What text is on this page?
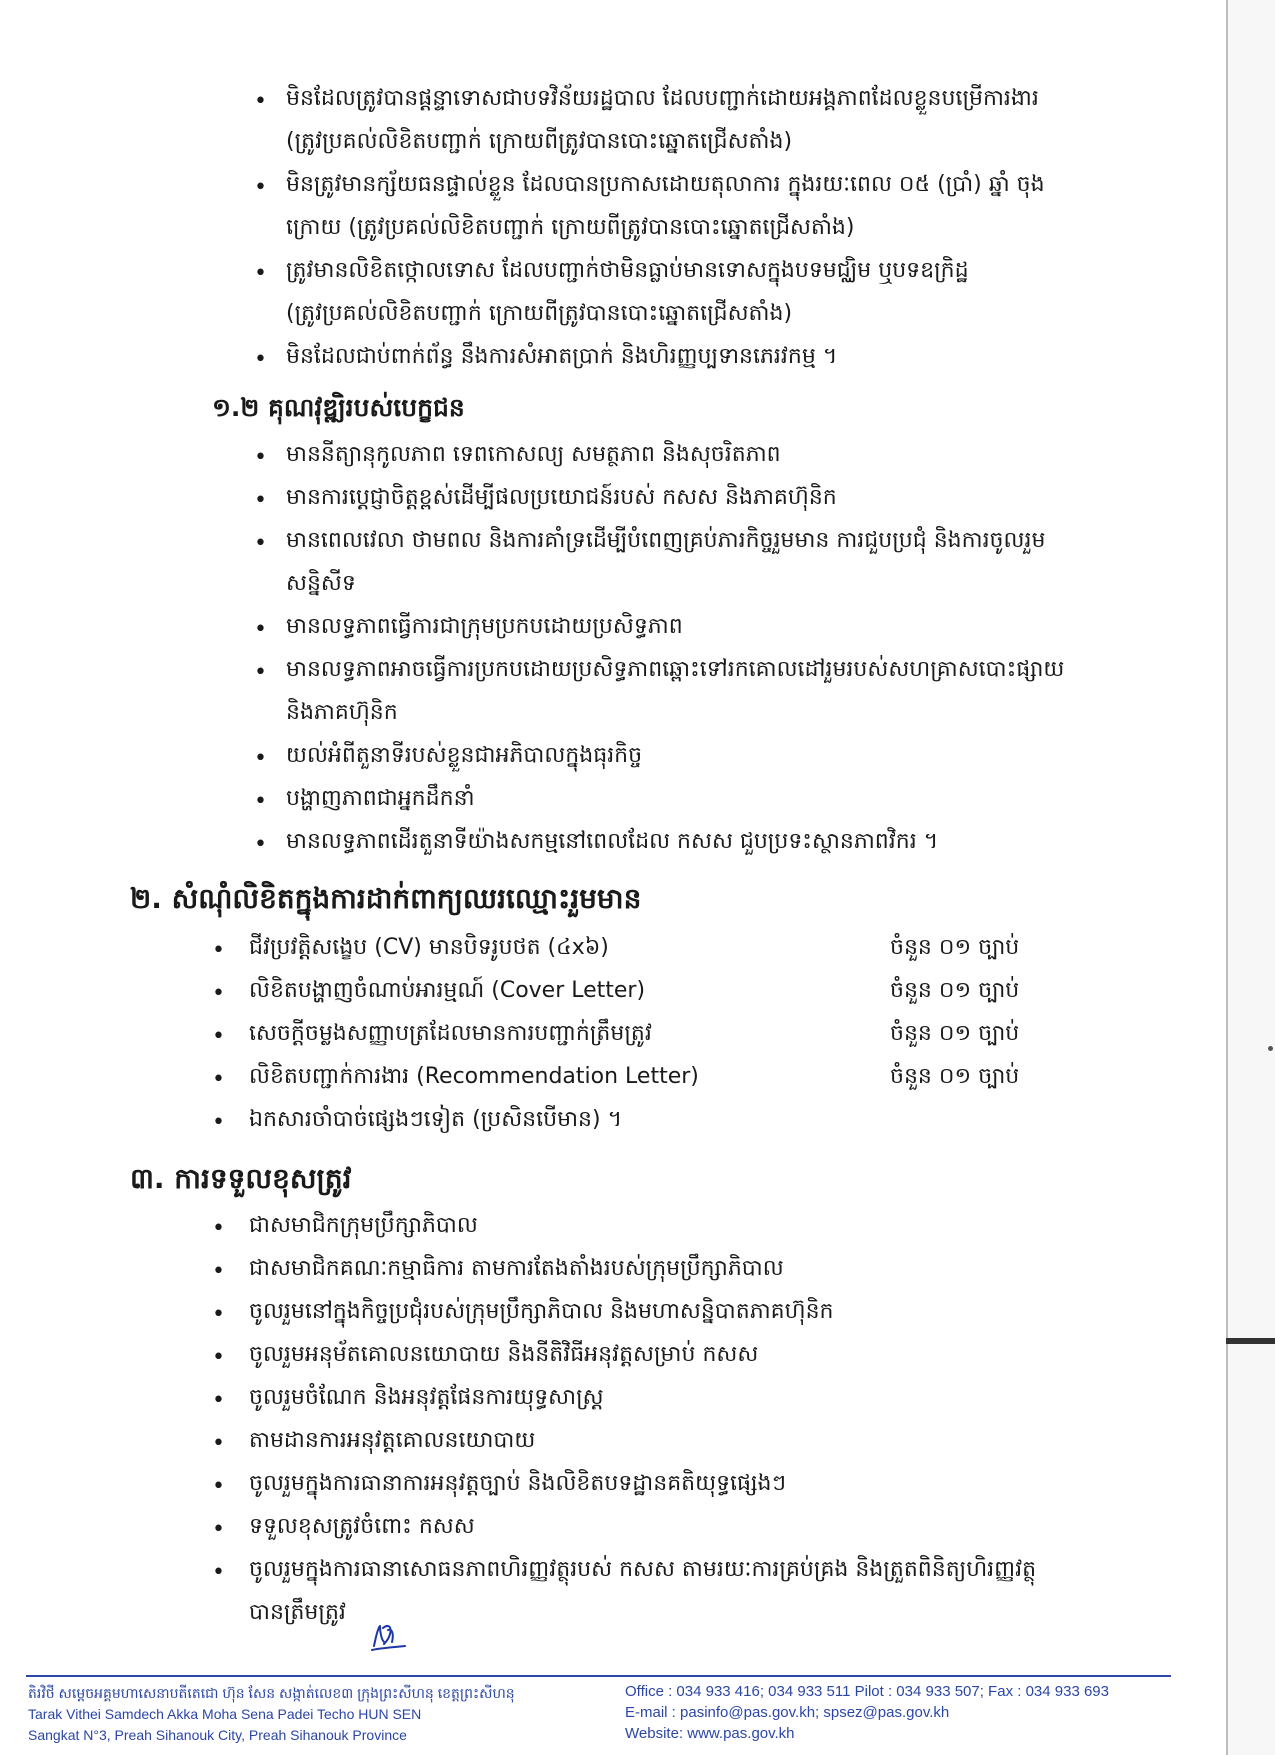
• មិនដែលត្រូវបានផ្តន្ទាទោសជាបទវិន័យរដ្ឋបាល ដែលបញ្ជាក់ដោយអង្គភាពដែលខ្លួនបម្រើការងារ
(ត្រូវប្រគល់លិខិតបញ្ជាក់ ក្រោយពីត្រូវបានបោះឆ្នោតជ្រើសតាំង)
• មិនត្រូវមានក្ស័យធនផ្ទាល់ខ្លួន ដែលបានប្រកាសដោយតុលាការ ក្នុងរយៈពេល ០៥ (ប្រាំ) ឆ្នាំ ចុង
ក្រោយ (ត្រូវប្រគល់លិខិតបញ្ជាក់ ក្រោយពីត្រូវបានបោះឆ្នោតជ្រើសតាំង)
• ត្រូវមានលិខិតថ្កោលទោស ដែលបញ្ជាក់ថាមិនធ្លាប់មានទោសក្នុងបទមជ្ឈិម ឬបទឧក្រិដ្ឋ
(ត្រូវប្រគល់លិខិតបញ្ជាក់ ក្រោយពីត្រូវបានបោះឆ្នោតជ្រើសតាំង)
• មិនដែលជាប់ពាក់ព័ន្ធ នឹងការសំអាតប្រាក់ និងហិរញ្ញប្បទានភេរវកម្ម ។
១.២ គុណវុឌ្ឍិរបស់បេក្ខជន
• មាននីត្យានុកូលភាព ទេពកោសល្យ សមត្ថភាព និងសុចរិតភាព
• មានការប្តេជ្ញាចិត្តខ្ពស់ដើម្បីផលប្រយោជន៍របស់ កសស និងភាគហ៊ុនិក
• មានពេលវេលា ថាមពល និងការគាំទ្រដើម្បីបំពេញគ្រប់ភារកិច្ចរួមមាន ការជួបប្រជុំ និងការចូលរួម
សន្និសីទ
• មានលទ្ធភាពធ្វើការជាក្រុមប្រកបដោយប្រសិទ្ធភាព
• មានលទ្ធភាពអាចធ្វើការប្រកបដោយប្រសិទ្ធភាពឆ្ពោះទៅរកគោលដៅរួមរបស់សហគ្រាសបោះផ្សាយ
និងភាគហ៊ុនិក
• យល់អំពីតួនាទីរបស់ខ្លួនជាអភិបាលក្នុងធុរកិច្ច
• បង្ហាញភាពជាអ្នកដឹកនាំ
• មានលទ្ធភាពដើរតួនាទីយ៉ាងសកម្មនៅពេលដែល កសស ជួបប្រទះស្ថានភាពវិករ ។
២. សំណុំលិខិតក្នុងការដាក់ពាក្យឈរឈ្មោះរួមមាន
• ជីវប្រវត្តិសង្ខេប (CV) មានបិទរូបថត (៤x៦)	ចំនួន ០១ ច្បាប់
• លិខិតបង្ហាញចំណាប់អារម្មណ៍ (Cover Letter)	ចំនួន ០១ ច្បាប់
• សេចក្តីចម្លងសញ្ញាបត្រដែលមានការបញ្ជាក់ត្រឹមត្រូវ	ចំនួន ០១ ច្បាប់
• លិខិតបញ្ជាក់ការងារ (Recommendation Letter)	ចំនួន ០១ ច្បាប់
• ឯកសារចាំបាច់ផ្សេងៗទៀត (ប្រសិនបើមាន) ។
៣. ការទទួលខុសត្រូវ
• ជាសមាជិកក្រុមប្រឹក្សាភិបាល
• ជាសមាជិកគណៈកម្មាធិការ តាមការតែងតាំងរបស់ក្រុមប្រឹក្សាភិបាល
• ចូលរួមនៅក្នុងកិច្ចប្រជុំរបស់ក្រុមប្រឹក្សាភិបាល និងមហាសន្និបាតភាគហ៊ុនិក
• ចូលរួមអនុម័តគោលនយោបាយ និងនីតិវិធីអនុវត្តសម្រាប់ កសស
• ចូលរួមចំណែក និងអនុវត្តផែនការយុទ្ធសាស្ត្រ
• តាមដានការអនុវត្តគោលនយោបាយ
• ចូលរួមក្នុងការធានាការអនុវត្តច្បាប់ និងលិខិតបទដ្ឋានគតិយុទ្ធផ្សេងៗ
• ទទួលខុសត្រូវចំពោះ កសស
• ចូលរួមក្នុងការធានាសោធនភាពហិរញ្ញវត្ថុរបស់ កសស តាមរយៈការគ្រប់គ្រង និងត្រួតពិនិត្យហិរញ្ញវត្ថុ
បានត្រឹមត្រូវ
តិរវិថី សម្តេចអគ្គមហាសេនាបតីតេជោ ហ៊ុន សែន សង្កាត់លេខ៣ ក្រុងព្រះសីហនុ ខេត្តព្រះសីហនុ
Tarak Vithei Samdech Akka Moha Sena Padei Techo HUN SEN
Sangkat N°3, Preah Sihanouk City, Preah Sihanouk Province
Office : 034 933 416; 034 933 511 Pilot : 034 933 507; Fax : 034 933 693
E-mail : pasinfo@pas.gov.kh; spsez@pas.gov.kh
Website: www.pas.gov.kh
